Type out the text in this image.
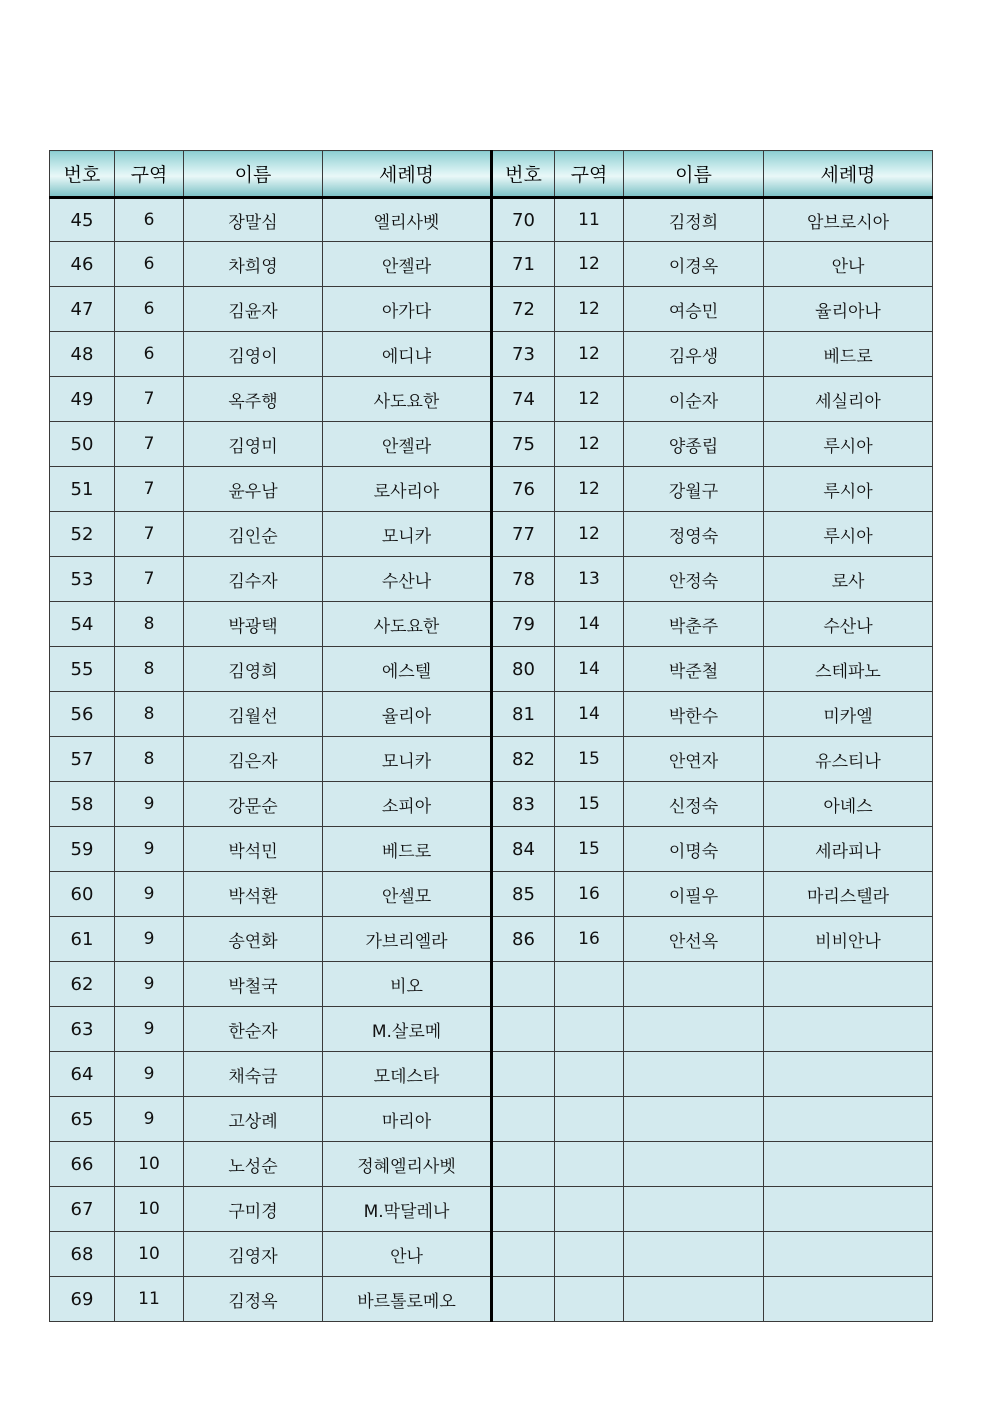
번호	구역	이름	세례명	번호	구역	이름	세례명
45	6	장말심	엘리사벳	70	11	김정희	암브로시아
46	6	차희영	안젤라	71	12	이경옥	안나
47	6	김윤자	아가다	72	12	여승민	율리아나
48	6	김영이	에디냐	73	12	김우생	베드로
49	7	옥주행	사도요한	74	12	이순자	세실리아
50	7	김영미	안젤라	75	12	양종립	루시아
51	7	윤우남	로사리아	76	12	강월구	루시아
52	7	김인순	모니카	77	12	정영숙	루시아
53	7	김수자	수산나	78	13	안정숙	로사
54	8	박광택	사도요한	79	14	박춘주	수산나
55	8	김영희	에스텔	80	14	박준철	스테파노
56	8	김월선	율리아	81	14	박한수	미카엘
57	8	김은자	모니카	82	15	안연자	유스티나
58	9	강문순	소피아	83	15	신정숙	아녜스
59	9	박석민	베드로	84	15	이명숙	세라피나
60	9	박석환	안셀모	85	16	이필우	마리스텔라
61	9	송연화	가브리엘라	86	16	안선옥	비비안나
62	9	박철국	비오				
63	9	한순자	M.살로메				
64	9	채숙금	모데스타				
65	9	고상례	마리아				
66	10	노성순	정혜엘리사벳				
67	10	구미경	M.막달레나				
68	10	김영자	안나				
69	11	김정옥	바르톨로메오				
